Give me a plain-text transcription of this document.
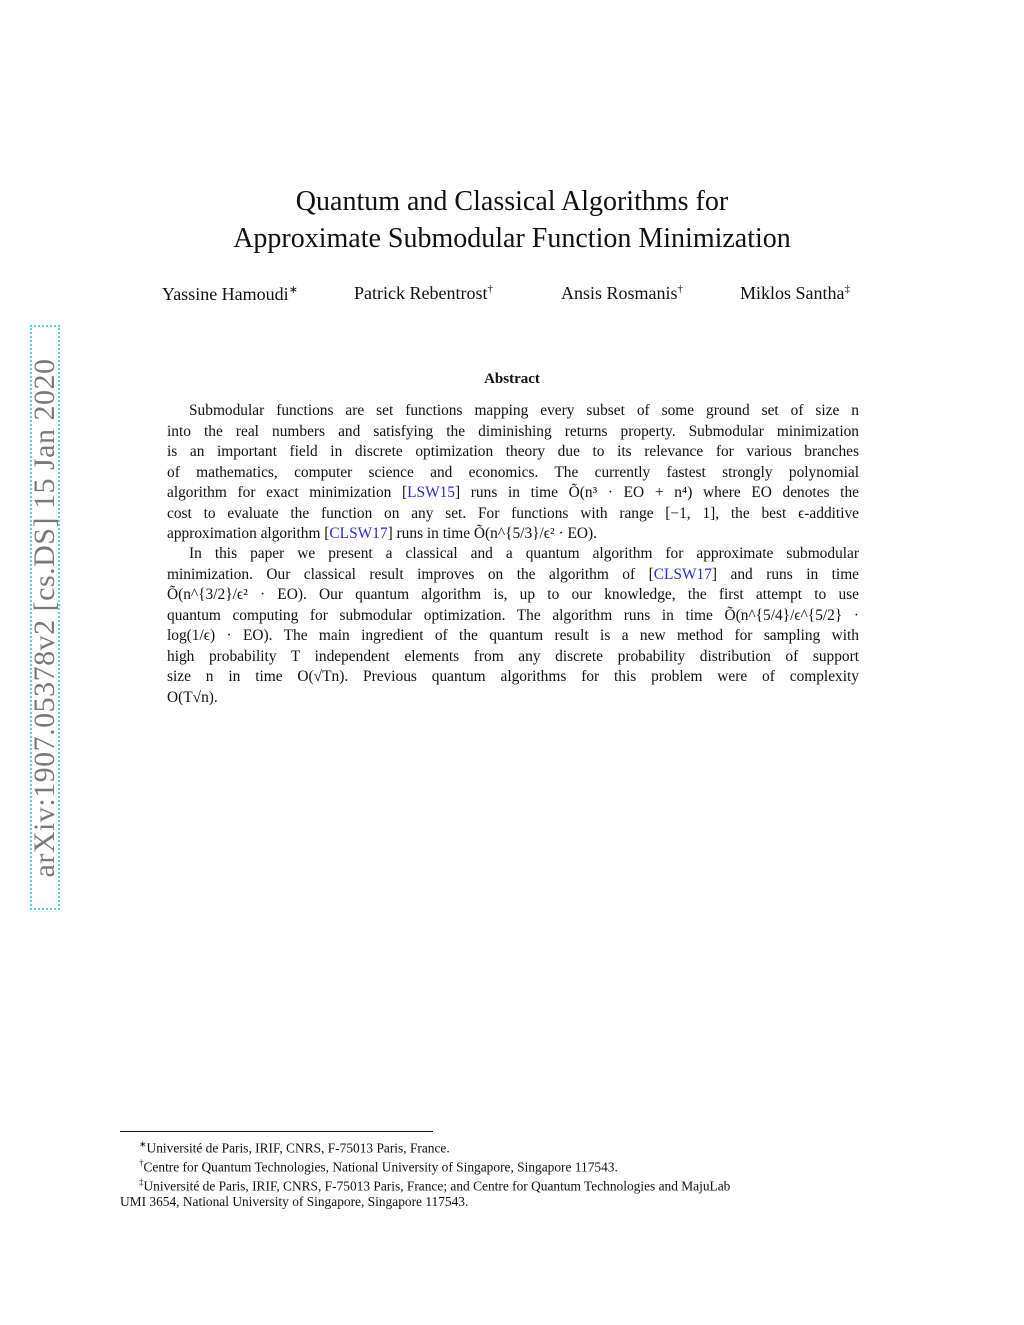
arXiv:1907.05378v2 [cs.DS] 15 Jan 2020
Quantum and Classical Algorithms for
Approximate Submodular Function Minimization
Yassine Hamoudi∗	Patrick Rebentrost†	Ansis Rosmanis†	Miklos Santha‡
Abstract
Submodular functions are set functions mapping every subset of some ground set of size n
into the real numbers and satisfying the diminishing returns property. Submodular minimization
is an important field in discrete optimization theory due to its relevance for various branches
of mathematics, computer science and economics. The currently fastest strongly polynomial
algorithm for exact minimization [LSW15] runs in time Õ(n³ · EO + n⁴) where EO denotes the
cost to evaluate the function on any set. For functions with range [−1, 1], the best ϵ-additive
approximation algorithm [CLSW17] runs in time Õ(n^{5/3}/ϵ² · EO).
In this paper we present a classical and a quantum algorithm for approximate submodular
minimization. Our classical result improves on the algorithm of [CLSW17] and runs in time
Õ(n^{3/2}/ϵ² · EO). Our quantum algorithm is, up to our knowledge, the first attempt to use
quantum computing for submodular optimization. The algorithm runs in time Õ(n^{5/4}/ϵ^{5/2} ·
log(1/ϵ) · EO). The main ingredient of the quantum result is a new method for sampling with
high probability T independent elements from any discrete probability distribution of support
size n in time O(√Tn). Previous quantum algorithms for this problem were of complexity
O(T√n).
∗Université de Paris, IRIF, CNRS, F-75013 Paris, France.
†Centre for Quantum Technologies, National University of Singapore, Singapore 117543.
‡Université de Paris, IRIF, CNRS, F-75013 Paris, France; and Centre for Quantum Technologies and MajuLab
UMI 3654, National University of Singapore, Singapore 117543.
